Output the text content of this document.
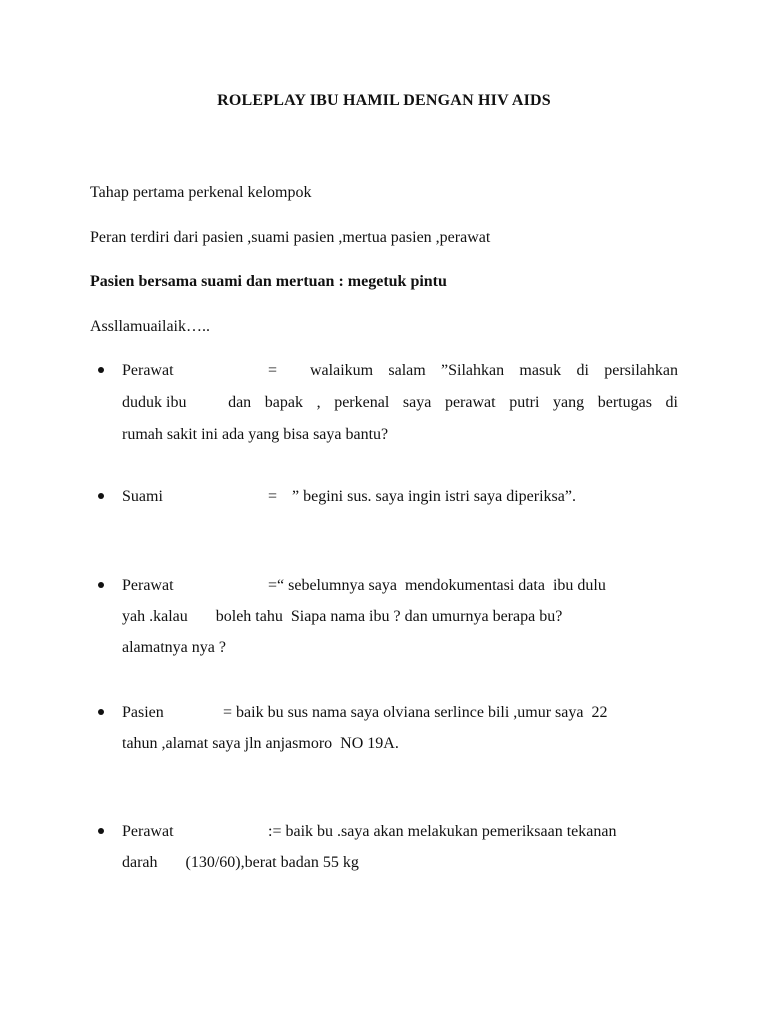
ROLEPLAY IBU HAMIL DENGAN HIV AIDS
Tahap pertama perkenal kelompok
Peran terdiri dari pasien ,suami pasien ,mertua pasien ,perawat
Pasien bersama suami dan mertuan : megetuk pintu
Assllamuailaik…..
Perawat	= walaikum salam ”Silahkan masuk di persilahkan
duduk ibu	dan bapak , perkenal saya perawat putri yang bertugas di
rumah sakit ini ada yang bisa saya bantu?
Suami	= ” begini sus. saya ingin istri saya diperiksa”.
Perawat	=“ sebelumnya saya  mendokumentasi data  ibu dulu
yah .kalau       boleh tahu  Siapa nama ibu ? dan umurnya berapa bu?
alamatnya nya ?
Pasien	= baik bu sus nama saya olviana serlince bili ,umur saya  22
tahun ,alamat saya jln anjasmoro  NO 19A.
Perawat	:= baik bu .saya akan melakukan pemeriksaan tekanan
darah       (130/60),berat badan 55 kg
